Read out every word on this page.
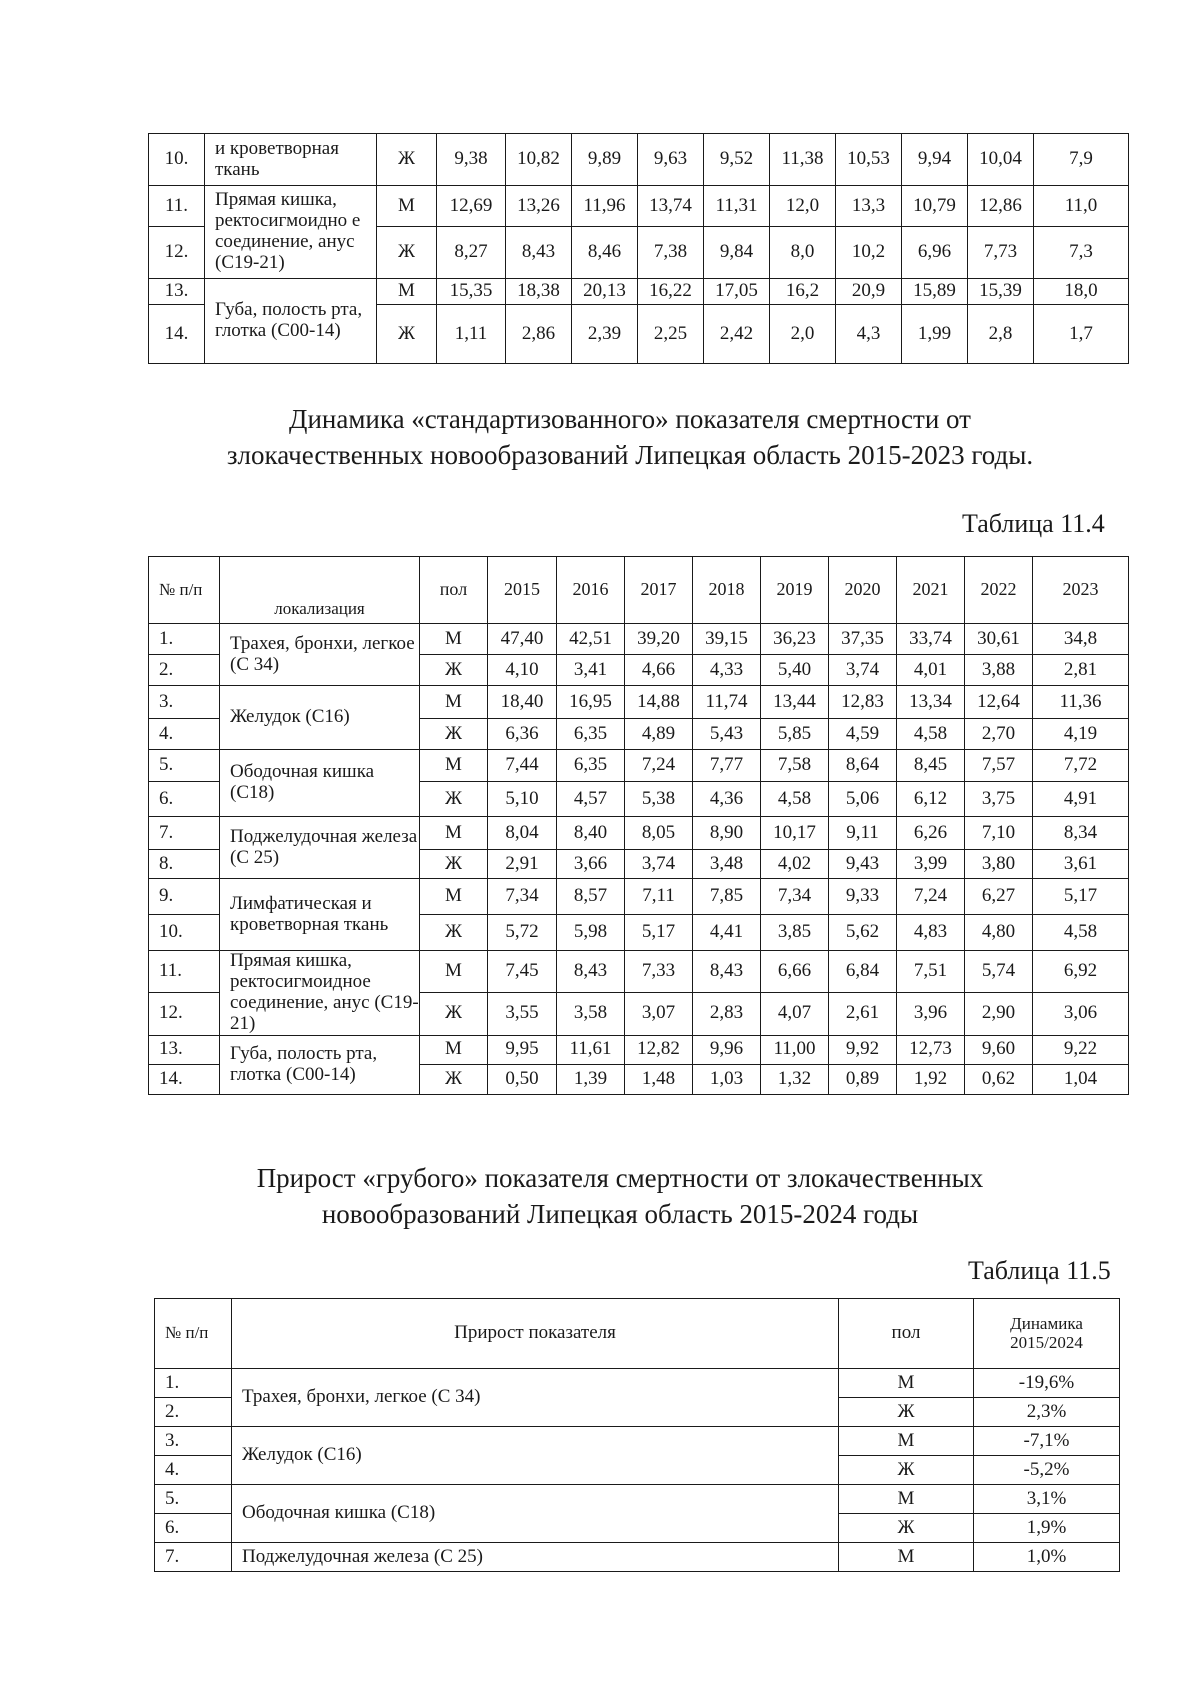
10.	и кроветворная ткань	Ж	9,38	10,82	9,89	9,63	9,52	11,38	10,53	9,94	10,04	7,9
11.	Прямая кишка, ректосигмоидно е соединение, анус (С19-21)	М	12,69	13,26	11,96	13,74	11,31	12,0	13,3	10,79	12,86	11,0
12.		Ж	8,27	8,43	8,46	7,38	9,84	8,0	10,2	6,96	7,73	7,3
13.	Губа, полость рта, глотка (С00-14)	М	15,35	18,38	20,13	16,22	17,05	16,2	20,9	15,89	15,39	18,0
14.		Ж	1,11	2,86	2,39	2,25	2,42	2,0	4,3	1,99	2,8	1,7
Динамика «стандартизованного» показателя смертности от злокачественных новообразований Липецкая область 2015-2023 годы.
Таблица 11.4
№ п/п	локализация	пол	2015	2016	2017	2018	2019	2020	2021	2022	2023
1.	Трахея, бронхи, легкое (С 34)	М	47,40	42,51	39,20	39,15	36,23	37,35	33,74	30,61	34,8
2.		Ж	4,10	3,41	4,66	4,33	5,40	3,74	4,01	3,88	2,81
3.	Желудок (С16)	М	18,40	16,95	14,88	11,74	13,44	12,83	13,34	12,64	11,36
4.		Ж	6,36	6,35	4,89	5,43	5,85	4,59	4,58	2,70	4,19
5.	Ободочная кишка (С18)	М	7,44	6,35	7,24	7,77	7,58	8,64	8,45	7,57	7,72
6.		Ж	5,10	4,57	5,38	4,36	4,58	5,06	6,12	3,75	4,91
7.	Поджелудочная железа (С 25)	М	8,04	8,40	8,05	8,90	10,17	9,11	6,26	7,10	8,34
8.		Ж	2,91	3,66	3,74	3,48	4,02	9,43	3,99	3,80	3,61
9.	Лимфатическая и кроветворная ткань	М	7,34	8,57	7,11	7,85	7,34	9,33	7,24	6,27	5,17
10.		Ж	5,72	5,98	5,17	4,41	3,85	5,62	4,83	4,80	4,58
11.	Прямая кишка, ректосигмоидное соединение, анус (С19-21)	М	7,45	8,43	7,33	8,43	6,66	6,84	7,51	5,74	6,92
12.		Ж	3,55	3,58	3,07	2,83	4,07	2,61	3,96	2,90	3,06
13.	Губа, полость рта, глотка (С00-14)	М	9,95	11,61	12,82	9,96	11,00	9,92	12,73	9,60	9,22
14.		Ж	0,50	1,39	1,48	1,03	1,32	0,89	1,92	0,62	1,04
Прирост «грубого» показателя смертности от злокачественных новообразований Липецкая область 2015-2024 годы
Таблица 11.5
№ п/п	Прирост показателя	пол	Динамика 2015/2024
1.	Трахея, бронхи, легкое (С 34)	М	-19,6%
2.		Ж	2,3%
3.	Желудок (С16)	М	-7,1%
4.		Ж	-5,2%
5.	Ободочная кишка (С18)	М	3,1%
6.		Ж	1,9%
7.	Поджелудочная железа (С 25)	М	1,0%
